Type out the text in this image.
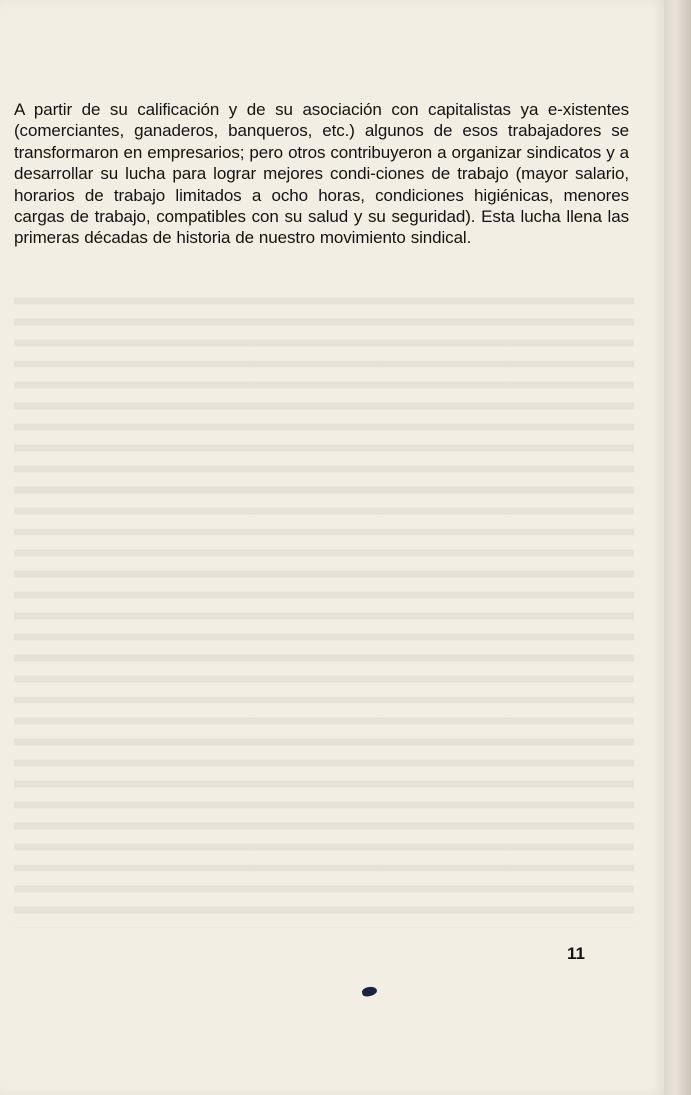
A partir de su calificación y de su asociación con capitalistas ya e-xistentes (comerciantes, ganaderos, banqueros, etc.) algunos de esos trabajadores se transformaron en empresarios; pero otros contribuyeron a organizar sindicatos y a desarrollar su lucha para lograr mejores condi-ciones de trabajo (mayor salario, horarios de trabajo limitados a ocho horas, condiciones higiénicas, menores cargas de trabajo, compatibles con su salud y su seguridad). Esta lucha llena las primeras décadas de historia de nuestro movimiento sindical.

11
